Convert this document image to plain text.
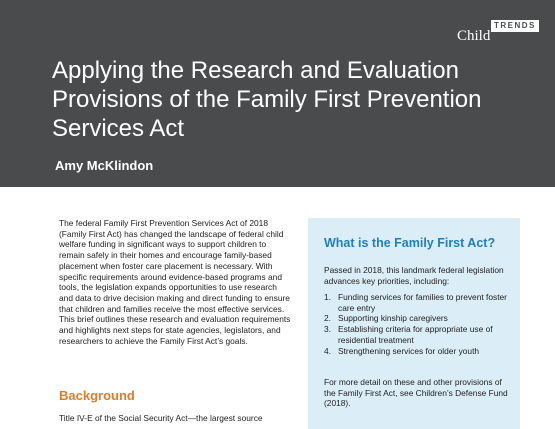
Child
TRENDS
Applying the Research and Evaluation Provisions of the Family First Prevention Services Act
Amy McKlindon

The federal Family First Prevention Services Act of 2018 (Family First Act) has changed the landscape of federal child welfare funding in significant ways to support children to remain safely in their homes and encourage family-based placement when foster care placement is necessary. With specific requirements around evidence-based programs and tools, the legislation expands opportunities to use research and data to drive decision making and direct funding to ensure that children and families receive the most effective services. This brief outlines these research and evaluation requirements and highlights next steps for state agencies, legislators, and researchers to achieve the Family First Act’s goals.

Background

Title IV-E of the Social Security Act—the largest source

What is the Family First Act?

Passed in 2018, this landmark federal legislation advances key priorities, including:

1. Funding services for families to prevent foster care entry
2. Supporting kinship caregivers
3. Establishing criteria for appropriate use of residential treatment
4. Strengthening services for older youth

For more detail on these and other provisions of the Family First Act, see Children’s Defense Fund (2018).
